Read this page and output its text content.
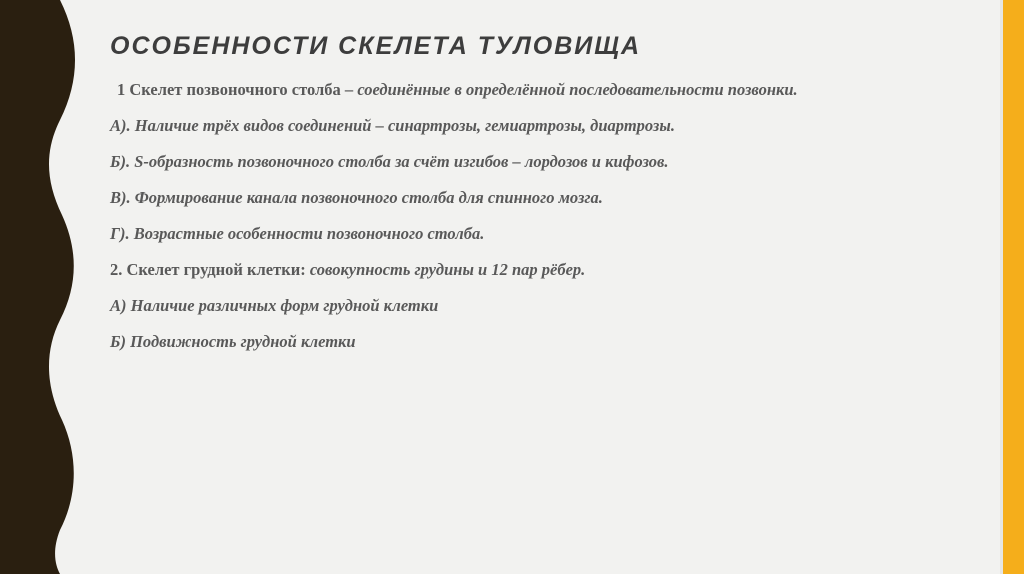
ОСОБЕННОСТИ СКЕЛЕТА ТУЛОВИЩА

1 Скелет позвоночного столба – соединённые в определённой последовательности позвонки.

А). Наличие трёх видов соединений – синартрозы, гемиартрозы, диартрозы.

Б). S-образность позвоночного столба за счёт изгибов – лордозов и кифозов.

В). Формирование канала позвоночного столба для спинного мозга.

Г). Возрастные особенности позвоночного столба.

2. Скелет грудной клетки: совокупность грудины и 12 пар рёбер.

А) Наличие различных форм грудной клетки

Б) Подвижность грудной клетки
